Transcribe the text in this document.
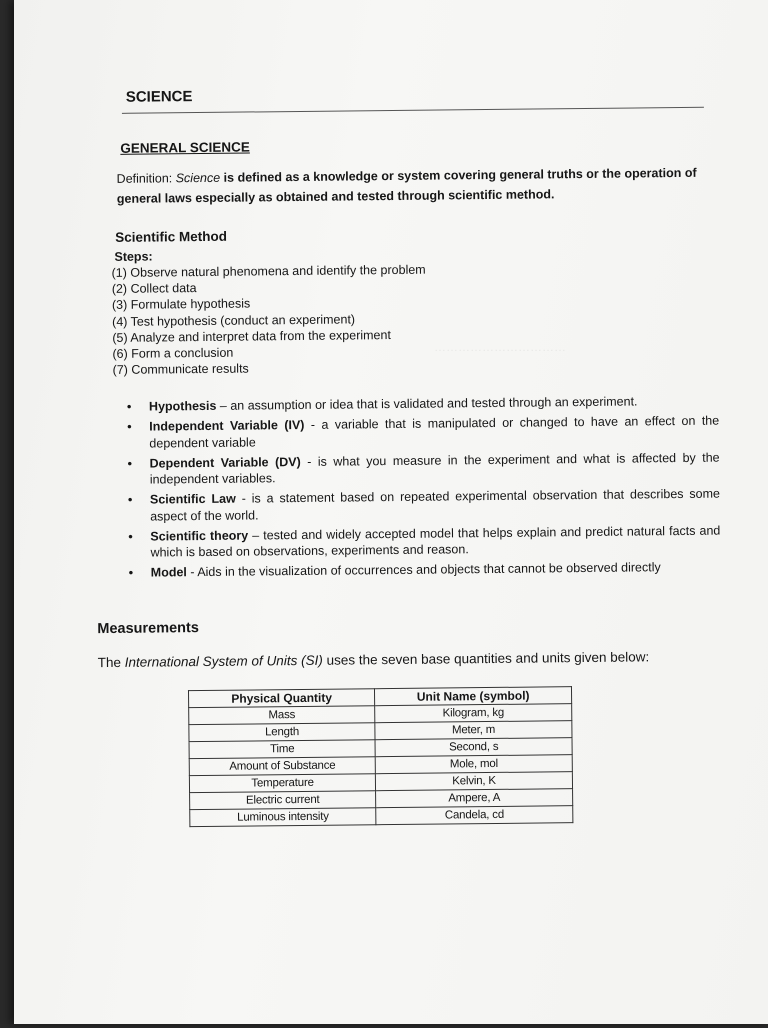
……………………………
SCIENCE
GENERAL SCIENCE
Definition: Science is defined as a knowledge or system covering general truths or the operation of general laws especially as obtained and tested through scientific method.
Scientific Method
Steps:
(1) Observe natural phenomena and identify the problem
(2) Collect data
(3) Formulate hypothesis
(4) Test hypothesis (conduct an experiment)
(5) Analyze and interpret data from the experiment
(6) Form a conclusion
(7) Communicate results
• Hypothesis – an assumption or idea that is validated and tested through an experiment.
• Independent Variable (IV) - a variable that is manipulated or changed to have an effect on the dependent variable
• Dependent Variable (DV) - is what you measure in the experiment and what is affected by the independent variables.
• Scientific Law - is a statement based on repeated experimental observation that describes some aspect of the world.
• Scientific theory – tested and widely accepted model that helps explain and predict natural facts and which is based on observations, experiments and reason.
• Model - Aids in the visualization of occurrences and objects that cannot be observed directly
Measurements
The International System of Units (SI) uses the seven base quantities and units given below:
Physical Quantity	Unit Name (symbol)
Mass	Kilogram, kg
Length	Meter, m
Time	Second, s
Amount of Substance	Mole, mol
Temperature	Kelvin, K
Electric current	Ampere, A
Luminous intensity	Candela, cd
